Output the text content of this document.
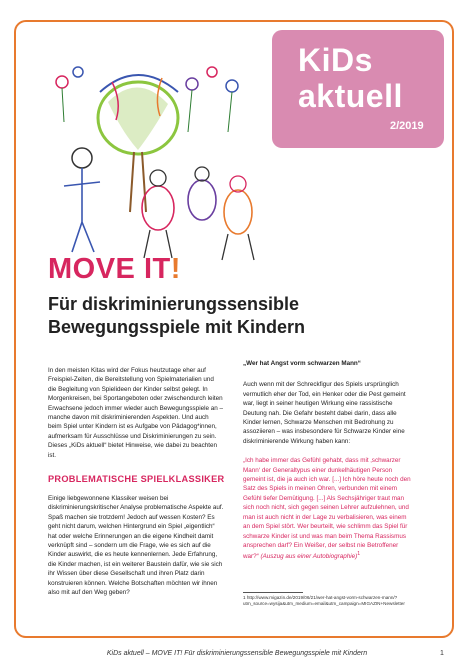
KiDs
aktuell
2/2019
MOVE IT!
Für diskriminierungssensible Bewegungsspiele mit Kindern

In den meisten Kitas wird der Fokus heutzutage eher auf Freispiel-Zeiten, die Bereitstellung von Spielmaterialien und die Begleitung von Spielideen der Kinder selbst gelegt. In Morgenkreisen, bei Sportangeboten oder zwischendurch leiten Erwachsene jedoch immer wieder auch Bewegungsspiele an – manche davon mit diskriminierenden Aspekten. Und auch beim Spiel unter Kindern ist es Aufgabe von Pädagog*innen, aufmerksam für Ausschlüsse und Diskriminierungen zu sein. Dieses „KiDs aktuell“ bietet Hinweise, wie dabei zu beachten ist.

PROBLEMATISCHE SPIELKLASSIKER

Einige liebgewonnene Klassiker weisen bei diskriminierungskritischer Analyse problematische Aspekte auf. Spaß machen sie trotzdem! Jedoch auf wessen Kosten? Es geht nicht darum, welchen Hintergrund ein Spiel „eigentlich“ hat oder welche Erinnerungen an die eigene Kindheit damit verknüpft sind – sondern um die Frage, wie es sich auf die Kinder auswirkt, die es heute kennenlernen. Jede Erfahrung, die Kinder machen, ist ein weiterer Baustein dafür, wie sie sich ihr Wissen über diese Gesellschaft und ihren Platz darin konstruieren können. Welche Botschaften möchten wir ihnen also mit auf den Weg geben?

„Wer hat Angst vorm schwarzen Mann“

Auch wenn mit der Schreckfigur des Spiels ursprünglich vermutlich eher der Tod, ein Henker oder die Pest gemeint war, liegt in seiner heutigen Wirkung eine rassistische Deutung nah. Die Gefahr besteht dabei darin, dass alle Kinder lernen, Schwarze Menschen mit Bedrohung zu assoziieren – was insbesondere für Schwarze Kinder eine diskriminierende Wirkung haben kann:

„Ich habe immer das Gefühl gehabt, dass mit ‚schwarzer Mann‘ der Generaltypus einer dunkelhäutigen Person gemeint ist, die ja auch ich war. [...] Ich höre heute noch den Satz des Spiels in meinen Ohren, verbunden mit einem Gefühl tiefer Demütigung. [...] Als Sechsjähriger traut man sich noch nicht, sich gegen seinen Lehrer aufzulehnen, und man ist auch nicht in der Lage zu verbalisieren, was einem an dem Spiel stört. Wer beurteilt, wie schlimm das Spiel für schwarze Kinder ist und was man beim Thema Rassismus ansprechen darf? Ein Weißer, der selbst nie Betroffener war?“ (Auszug aus einer Autobiographie)$^1$

1 http://www.migazin.de/2019/06/21/wer-hat-angst-vorm-schwarzen-mann/?utm_source=wysija&utm_medium=email&utm_campaign=MIGAZIN+Newsletter
KiDs aktuell – MOVE IT! Für diskriminierungssensible Bewegungsspiele mit Kindern	1
